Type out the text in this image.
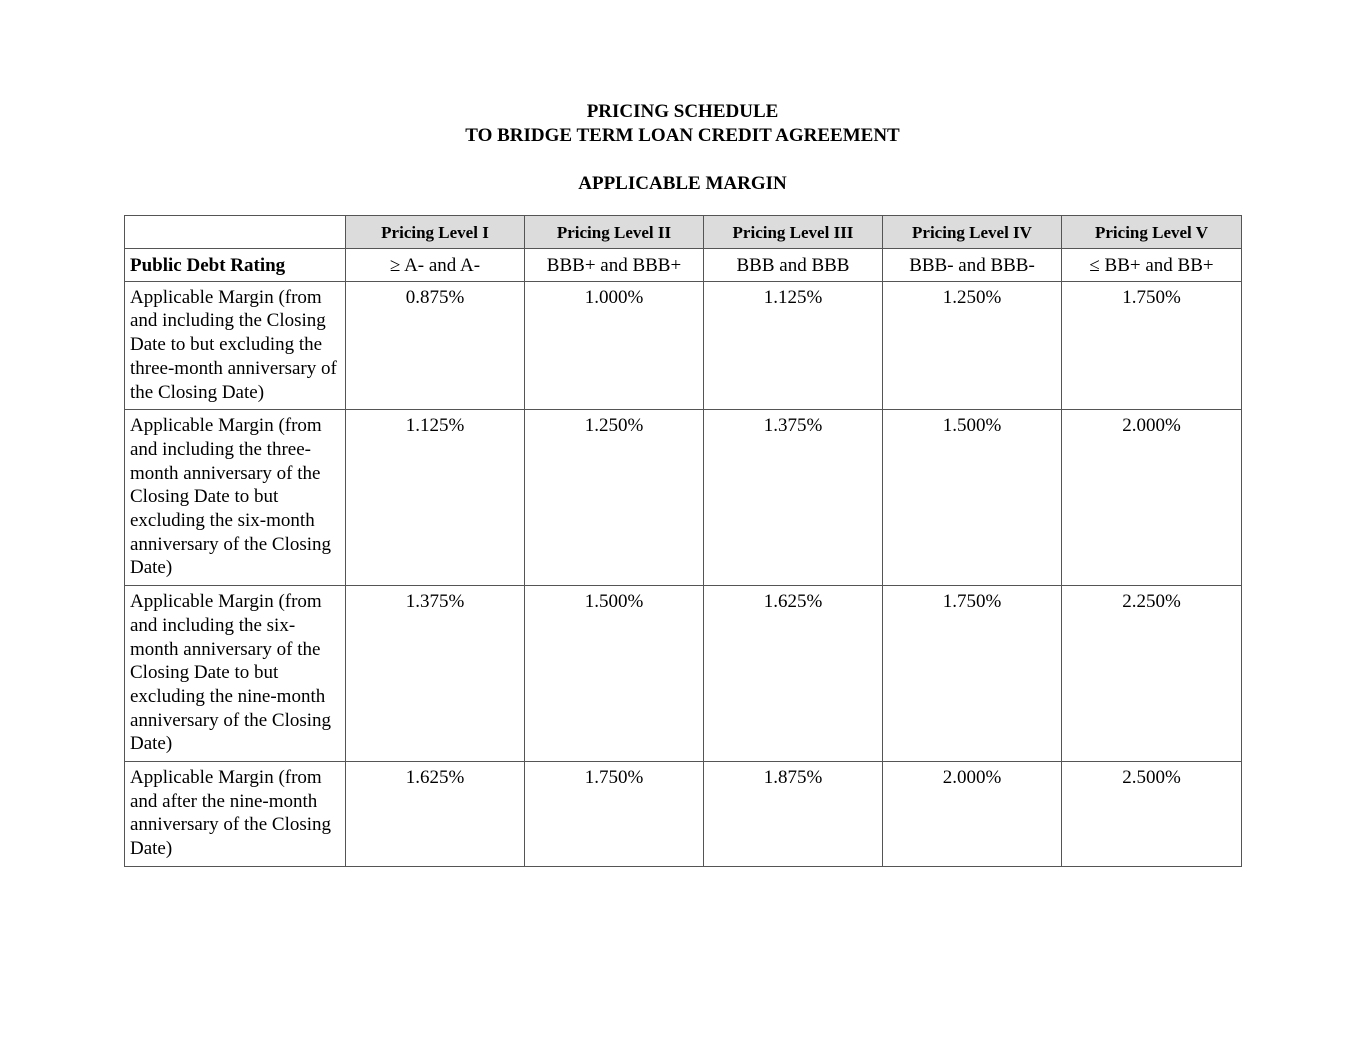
PRICING SCHEDULE
TO BRIDGE TERM LOAN CREDIT AGREEMENT
APPLICABLE MARGIN
	Pricing Level I	Pricing Level II	Pricing Level III	Pricing Level IV	Pricing Level V
Public Debt Rating	≥ A- and A-	BBB+ and BBB+	BBB and BBB	BBB- and BBB-	≤ BB+ and BB+
Applicable Margin (from and including the Closing Date to but excluding the three-month anniversary of the Closing Date)	0.875%	1.000%	1.125%	1.250%	1.750%
Applicable Margin (from and including the three-month anniversary of the Closing Date to but excluding the six-month anniversary of the Closing Date)	1.125%	1.250%	1.375%	1.500%	2.000%
Applicable Margin (from and including the six-month anniversary of the Closing Date to but excluding the nine-month anniversary of the Closing Date)	1.375%	1.500%	1.625%	1.750%	2.250%
Applicable Margin (from and after the nine-month anniversary of the Closing Date)	1.625%	1.750%	1.875%	2.000%	2.500%
